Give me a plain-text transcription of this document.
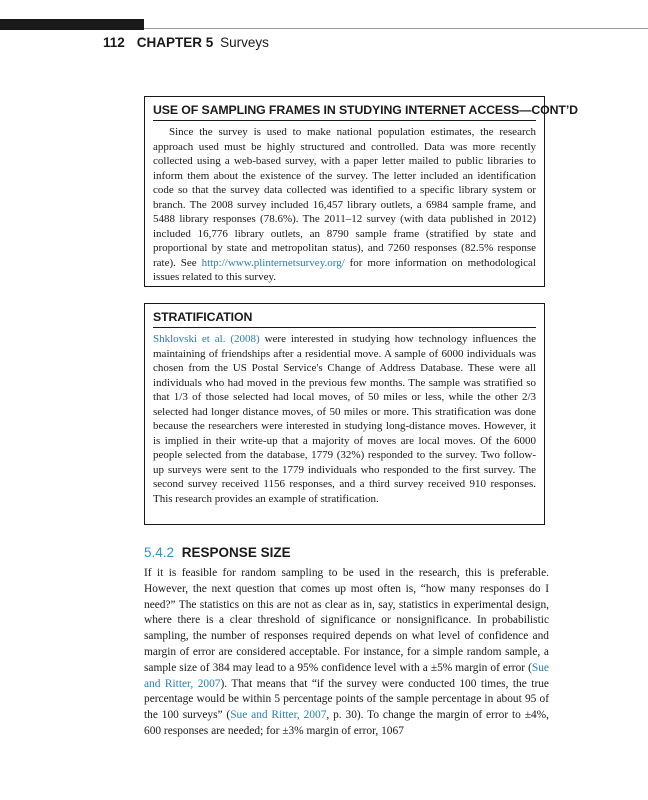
112 CHAPTER 5 Surveys
USE OF SAMPLING FRAMES IN STUDYING INTERNET ACCESS—CONT’D
Since the survey is used to make national population estimates, the research approach used must be highly structured and controlled. Data was more recently collected using a web-based survey, with a paper letter mailed to public libraries to inform them about the existence of the survey. The letter included an identification code so that the survey data collected was identified to a specific library system or branch. The 2008 survey included 16,457 library outlets, a 6984 sample frame, and 5488 library responses (78.6%). The 2011–12 survey (with data published in 2012) included 16,776 library outlets, an 8790 sample frame (stratified by state and proportional by state and metropolitan status), and 7260 responses (82.5% response rate). See http://www.plinternetsurvey.org/ for more information on methodological issues related to this survey.
STRATIFICATION
Shklovski et al. (2008) were interested in studying how technology influences the maintaining of friendships after a residential move. A sample of 6000 individuals was chosen from the US Postal Service's Change of Address Database. These were all individuals who had moved in the previous few months. The sample was stratified so that 1/3 of those selected had local moves, of 50 miles or less, while the other 2/3 selected had longer distance moves, of 50 miles or more. This stratification was done because the researchers were interested in studying long-distance moves. However, it is implied in their write-up that a majority of moves are local moves. Of the 6000 people selected from the database, 1779 (32%) responded to the survey. Two follow-up surveys were sent to the 1779 individuals who responded to the first survey. The second survey received 1156 responses, and a third survey received 910 responses. This research provides an example of stratification.
5.4.2 RESPONSE SIZE
If it is feasible for random sampling to be used in the research, this is preferable. However, the next question that comes up most often is, “how many responses do I need?” The statistics on this are not as clear as in, say, statistics in experimental design, where there is a clear threshold of significance or nonsignificance. In probabilistic sampling, the number of responses required depends on what level of confidence and margin of error are considered acceptable. For instance, for a simple random sample, a sample size of 384 may lead to a 95% confidence level with a ±5% margin of error (Sue and Ritter, 2007). That means that “if the survey were conducted 100 times, the true percentage would be within 5 percentage points of the sample percentage in about 95 of the 100 surveys” (Sue and Ritter, 2007, p. 30). To change the margin of error to ±4%, 600 responses are needed; for ±3% margin of error, 1067
